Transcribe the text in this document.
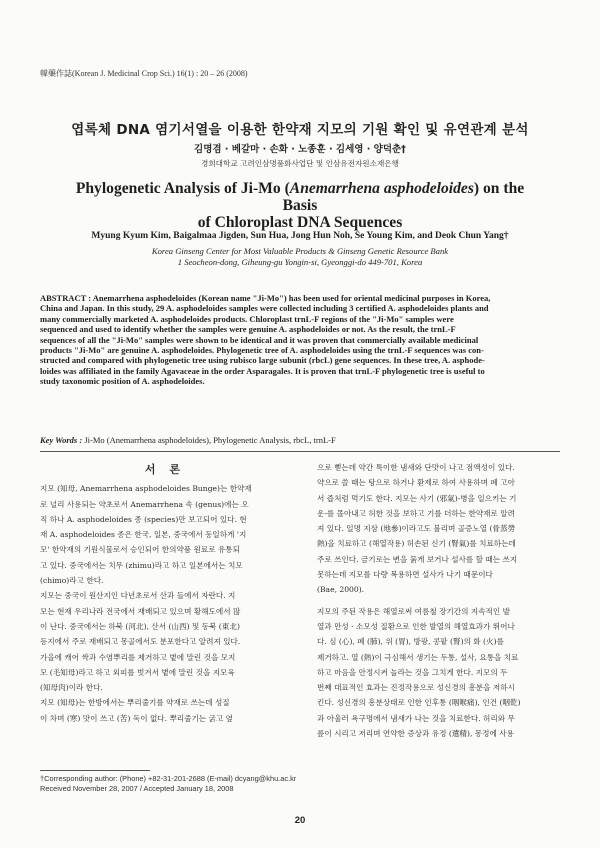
韓藥作誌(Korean J. Medicinal Crop Sci.) 16(1) : 20 – 26 (2008)
엽록체 DNA 염기서열을 이용한 한약재 지모의 기원 확인 및 유연관계 분석
김명겸 · 베갈마 · 손화 · 노종훈 · 김세영 · 양덕춘†
경희대학교 고려인삼명품화사업단 및 인삼유전자원소재은행
Phylogenetic Analysis of Ji-Mo (Anemarrhena asphodeloides) on the Basis
of Chloroplast DNA Sequences
Myung Kyum Kim, Baigalmaa Jigden, Sun Hua, Jong Hun Noh, Se Young Kim, and Deok Chun Yang†
Korea Ginseng Center for Most Valuable Products & Ginseng Genetic Resource Bank
1 Seocheon-dong, Giheung-gu Yongin-si, Gyeonggi-do 449-701, Korea
ABSTRACT : Anemarrhena asphodeloides (Korean name "Ji-Mo") has been used for oriental medicinal purposes in Korea,
China and Japan. In this study, 29 A. asphodeloides samples were collected including 3 certified A. asphodeloides plants and
many commercially marketed A. asphodeloides products. Chloroplast trnL-F regions of the "Ji-Mo" samples were
sequenced and used to identify whether the samples were genuine A. asphodeloides or not. As the result, the trnL-F
sequences of all the "Ji-Mo" samples were shown to be identical and it was proven that commercially available medicinal
products "Ji-Mo" are genuine A. asphodeloides. Phylogenetic tree of A. asphodeloides using the trnL-F sequences was con-
structed and compared with phylogenetic tree using rubisco large subunit (rbcL) gene sequences. In these tree, A. asphode-
loides was affiliated in the family Agavaceae in the order Asparagales. It is proven that trnL-F phylogenetic tree is useful to
study taxonomic position of A. asphodeloides.
Key Words : Ji-Mo (Anemarrhena asphodeloides), Phylogenetic Analysis, rbcL, trnL-F
서론
지모 (知母, Anemarrhena asphodeloides Bunge)는 한약재
로 널리 사용되는 약초로서 Anemarrhena 속 (genus)에는 오
직 하나 A. asphodeloides 종 (species)만 보고되어 있다. 현
재 A. asphodeloides 종은 한국, 일본, 중국에서 동일하게 '지
모' 한약재의 기원식물로서 승인되어 한의약품 원료로 유통되
고 있다. 중국에서는 치무 (zhimu)라고 하고 일본에서는 치모
(chimo)라고 한다.
지모는 중국이 원산지인 다년초로서 산과 들에서 자란다. 지
모는 현재 우리나라 전국에서 재배되고 있으며 황해도에서 많
이 난다. 중국에서는 하북 (河北), 산서 (山西) 및 동북 (東北)
등지에서 주로 재배되고 몽골에서도 분포한다고 알려져 있다.
가을에 캐어 싹과 수염뿌리를 제거하고 볕에 말린 것을 모지
모 (毛知母)라고 하고 외피를 벗겨서 볕에 말린 것을 지모육
(知母肉)이라 한다.
지모 (知母)는 한방에서는 뿌리줄기를 약재로 쓰는데 성질
이 차며 (寒) 맛이 쓰고 (苦) 독이 없다. 뿌리줄기는 굵고 옆
으로 뻗는데 약간 특이한 냄새와 단맛이 나고 점액성이 있다.
약으로 쓸 때는 탕으로 하거나 환제로 하여 사용하며 폐 고아
서 즙처럼 먹기도 한다. 지모는 사기 (邪氣)-병을 일으키는 기
운-를 몰아내고 허한 것을 보하고 기를 더하는 한약재로 알려
져 있다. 일명 지삼 (地參)이라고도 불리며 골증노열 (骨蒸勞
熱)을 치료하고 (해열작용) 허손된 신기 (腎氣)를 치료하는데
주로 쓰인다. 금기로는 변을 묽게 보거나 설사를 할 때는 쓰지
못하는데 지모를 다량 복용하면 설사가 나기 때문이다
(Bae, 2000).
지모의 주된 작용은 해열로써 여름철 장기간의 지속적인 발
열과 만성 · 소모성 질환으로 인한 발열의 해열효과가 뛰어나
다. 심 (心), 폐 (肺), 위 (胃), 방광, 콩팥 (腎)의 화 (火)를
제거하고. 열 (熱)이 극심해서 생기는 두통, 설사, 요통을 치료
하고 마음을 안정시켜 놀라는 것을 그치게 한다. 지모의 두
번째 대표적인 효과는 진정작용으로 성신경의 흥분을 저하시
킨다. 성신경의 흥분상태로 인한 인후통 (咽喉痛), 인건 (咽乾)
과 아울러 욕구명에서 냄새가 나는 것을 치료한다. 허리와 무
릎이 시리고 저리며 연약한 증상과 유정 (遺精), 몽정에 사용
†Corresponding author: (Phone) +82-31-201-2688 (E-mail) dcyang@khu.ac.kr
Received November 28, 2007 / Accepted January 18, 2008
20
